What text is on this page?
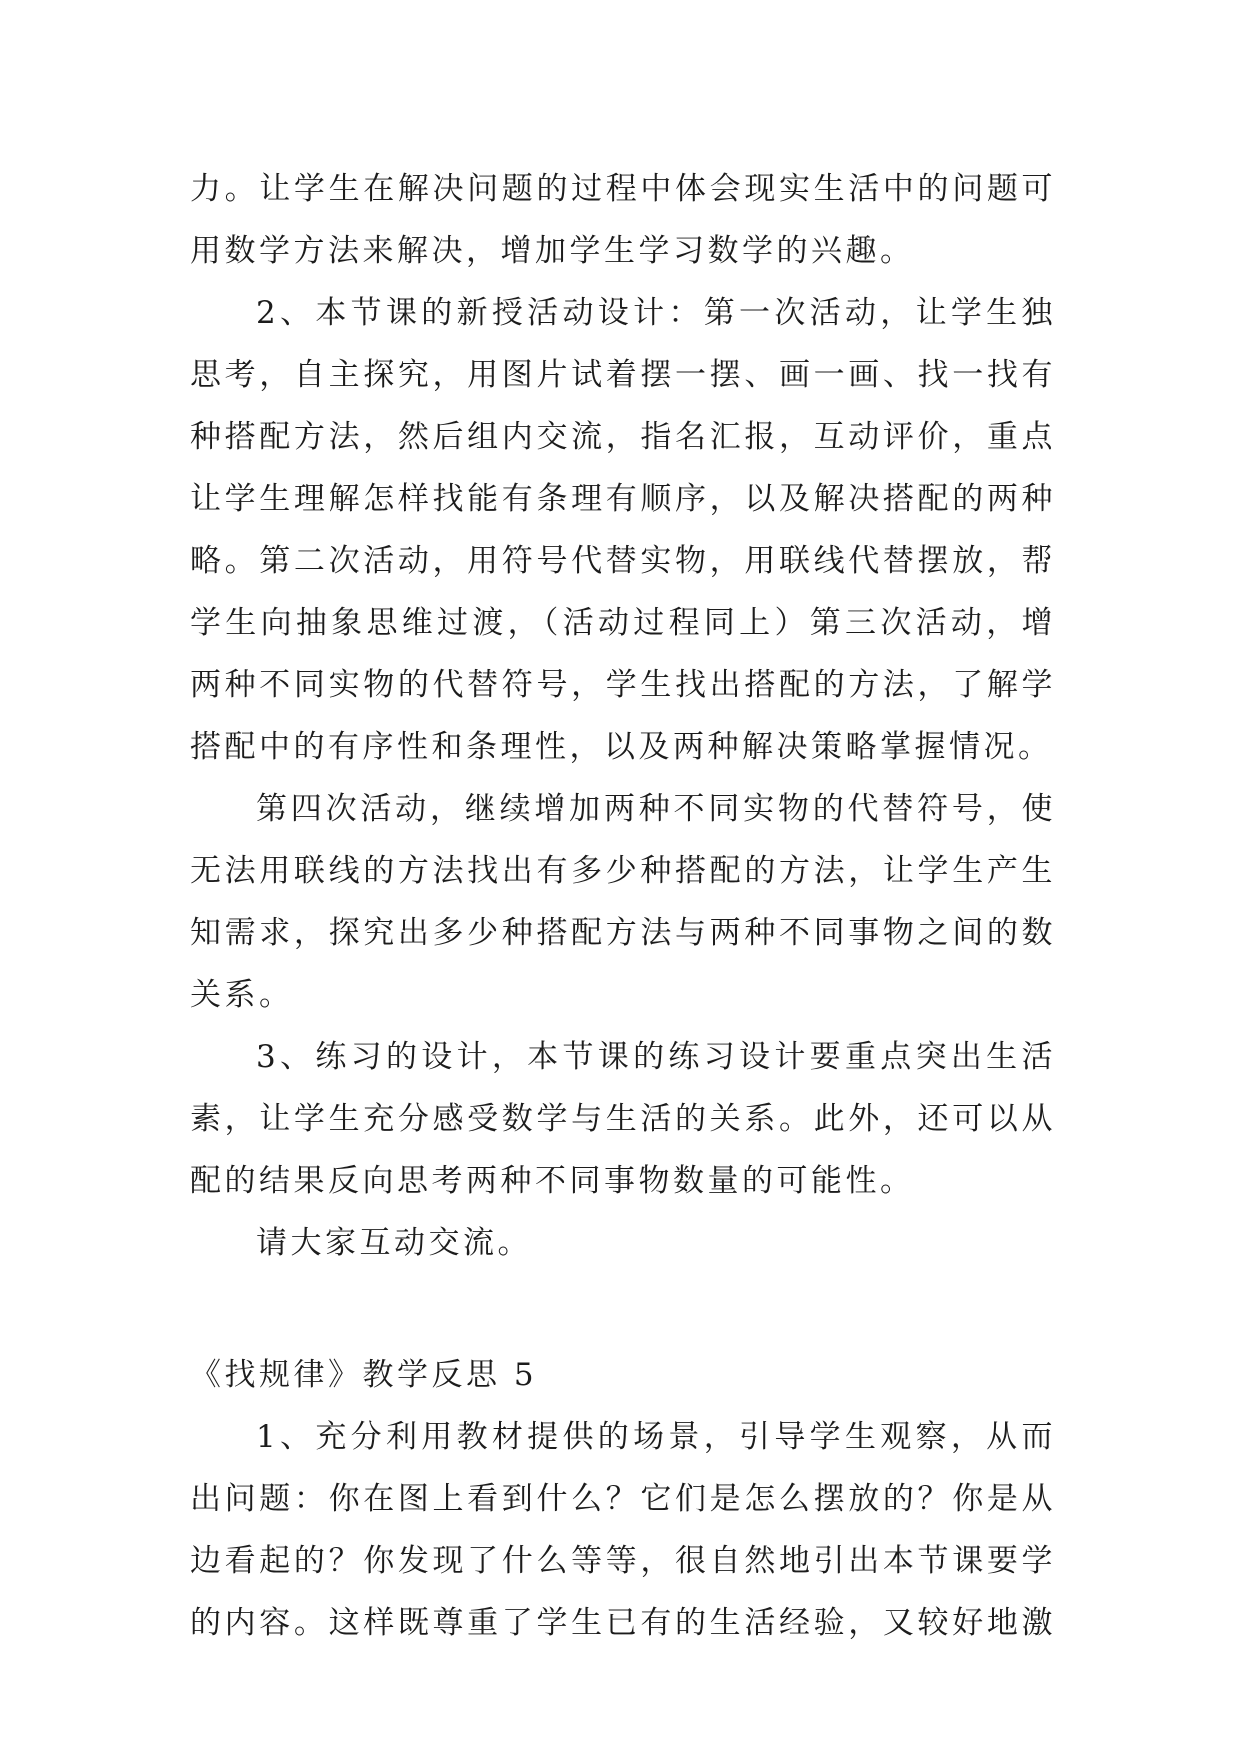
力。让学生在解决问题的过程中体会现实生活中的问题可
用数学方法来解决，增加学生学习数学的兴趣。
2、本节课的新授活动设计：第一次活动，让学生独
思考，自主探究，用图片试着摆一摆、画一画、找一找有
种搭配方法，然后组内交流，指名汇报，互动评价，重点
让学生理解怎样找能有条理有顺序，以及解决搭配的两种
略。第二次活动，用符号代替实物，用联线代替摆放，帮
学生向抽象思维过渡，（活动过程同上）第三次活动，增
两种不同实物的代替符号，学生找出搭配的方法，了解学
搭配中的有序性和条理性，以及两种解决策略掌握情况。
第四次活动，继续增加两种不同实物的代替符号，使
无法用联线的方法找出有多少种搭配的方法，让学生产生
知需求，探究出多少种搭配方法与两种不同事物之间的数
关系。
3、练习的设计，本节课的练习设计要重点突出生活
素，让学生充分感受数学与生活的关系。此外，还可以从
配的结果反向思考两种不同事物数量的可能性。
请大家互动交流。
《找规律》教学反思 5
1、充分利用教材提供的场景，引导学生观察，从而
出问题：你在图上看到什么？它们是怎么摆放的？你是从
边看起的？你发现了什么等等，很自然地引出本节课要学
的内容。这样既尊重了学生已有的生活经验，又较好地激
